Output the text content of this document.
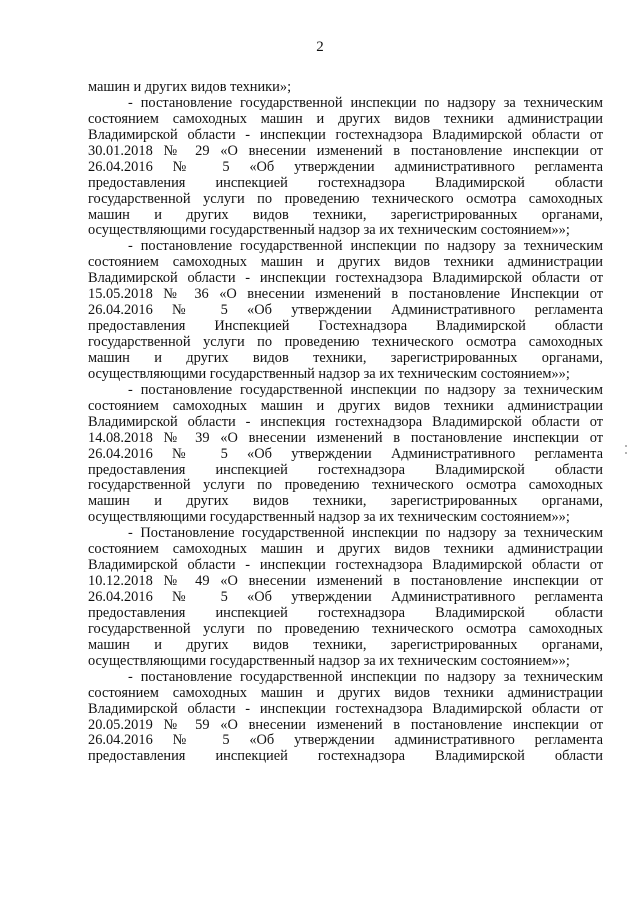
2
машин и других видов техники»;
- постановление государственной инспекции по надзору за техническим
состоянием самоходных машин и других видов техники администрации
Владимирской области - инспекции гостехнадзора Владимирской области от
30.01.2018 № 29 «О внесении изменений в постановление инспекции от
26.04.2016 № 5 «Об утверждении административного регламента
предоставления инспекцией гостехнадзора Владимирской области
государственной услуги по проведению технического осмотра самоходных
машин и других видов техники, зарегистрированных органами,
осуществляющими государственный надзор за их техническим состоянием»»;
- постановление государственной инспекции по надзору за техническим
состоянием самоходных машин и других видов техники администрации
Владимирской области - инспекции гостехнадзора Владимирской области от
15.05.2018 № 36 «О внесении изменений в постановление Инспекции от
26.04.2016 № 5 «Об утверждении Административного регламента
предоставления Инспекцией Гостехнадзора Владимирской области
государственной услуги по проведению технического осмотра самоходных
машин и других видов техники, зарегистрированных органами,
осуществляющими государственный надзор за их техническим состоянием»»;
- постановление государственной инспекции по надзору за техническим
состоянием самоходных машин и других видов техники администрации
Владимирской области - инспекция гостехнадзора Владимирской области от
14.08.2018 № 39 «О внесении изменений в постановление инспекции от
26.04.2016 № 5 «Об утверждении Административного регламента
предоставления инспекцией гостехнадзора Владимирской области
государственной услуги по проведению технического осмотра самоходных
машин и других видов техники, зарегистрированных органами,
осуществляющими государственный надзор за их техническим состоянием»»;
- Постановление государственной инспекции по надзору за техническим
состоянием самоходных машин и других видов техники администрации
Владимирской области - инспекции гостехнадзора Владимирской области от
10.12.2018 № 49 «О внесении изменений в постановление инспекции от
26.04.2016 № 5 «Об утверждении Административного регламента
предоставления инспекцией гостехнадзора Владимирской области
государственной услуги по проведению технического осмотра самоходных
машин и других видов техники, зарегистрированных органами,
осуществляющими государственный надзор за их техническим состоянием»»;
- постановление государственной инспекции по надзору за техническим
состоянием самоходных машин и других видов техники администрации
Владимирской области - инспекции гостехнадзора Владимирской области от
20.05.2019 № 59 «О внесении изменений в постановление инспекции от
26.04.2016 № 5 «Об утверждении административного регламента
предоставления инспекцией гостехнадзора Владимирской области
